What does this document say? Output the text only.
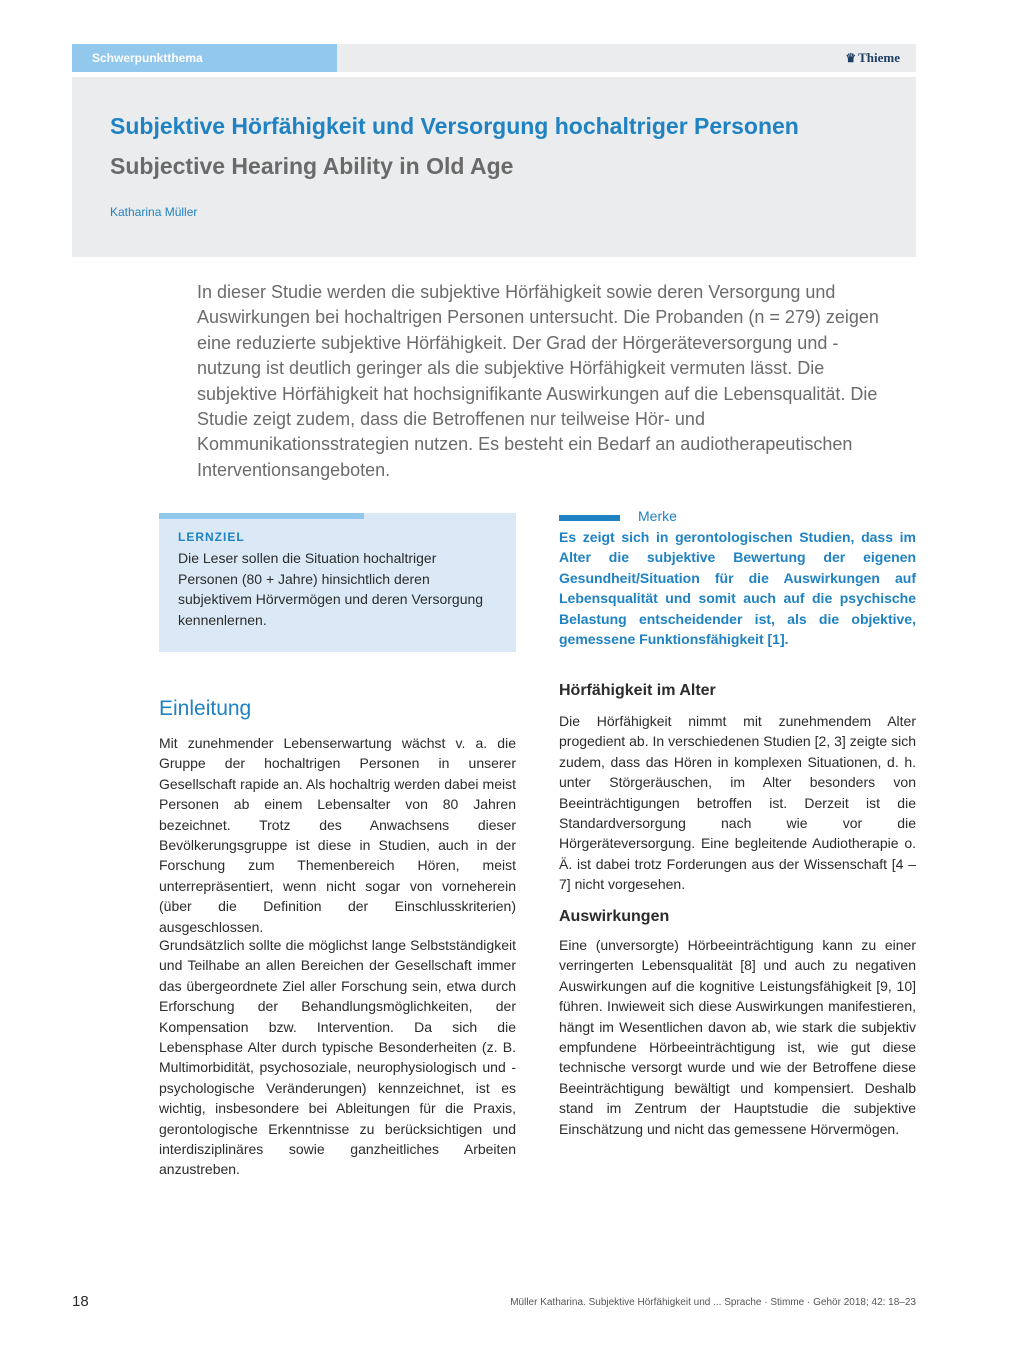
Schwerpunktthema	♛ Thieme
Subjektive Hörfähigkeit und Versorgung hochaltriger Personen
Subjective Hearing Ability in Old Age
Katharina Müller
In dieser Studie werden die subjektive Hörfähigkeit sowie deren Versorgung und Auswirkungen bei hochaltrigen Personen untersucht. Die Probanden (n = 279) zeigen eine reduzierte subjektive Hörfähigkeit. Der Grad der Hörgeräteversorgung und -nutzung ist deutlich geringer als die subjektive Hörfähigkeit vermuten lässt. Die subjektive Hörfähigkeit hat hochsignifikante Auswirkungen auf die Lebensqualität. Die Studie zeigt zudem, dass die Betroffenen nur teilweise Hör- und Kommunikationsstrategien nutzen. Es besteht ein Bedarf an audiotherapeutischen Interventionsangeboten.
LERNZIEL
Die Leser sollen die Situation hochaltriger Personen (80 + Jahre) hinsichtlich deren subjektivem Hörvermögen und deren Versorgung kennenlernen.
Merke
Es zeigt sich in gerontologischen Studien, dass im Alter die subjektive Bewertung der eigenen Gesundheit/Situation für die Auswirkungen auf Lebensqualität und somit auch auf die psychische Belastung entscheidender ist, als die objektive, gemessene Funktionsfähigkeit [1].
Einleitung

Mit zunehmender Lebenserwartung wächst v. a. die Gruppe der hochaltrigen Personen in unserer Gesellschaft rapide an. Als hochaltrig werden dabei meist Personen ab einem Lebensalter von 80 Jahren bezeichnet. Trotz des Anwachsens dieser Bevölkerungsgruppe ist diese in Studien, auch in der Forschung zum Themenbereich Hören, meist unterrepräsentiert, wenn nicht sogar von vorneherein (über die Definition der Einschlusskriterien) ausgeschlossen.

Grundsätzlich sollte die möglichst lange Selbstständigkeit und Teilhabe an allen Bereichen der Gesellschaft immer das übergeordnete Ziel aller Forschung sein, etwa durch Erforschung der Behandlungsmöglichkeiten, der Kompensation bzw. Intervention. Da sich die Lebensphase Alter durch typische Besonderheiten (z. B. Multimorbidität, psychosoziale, neurophysiologisch und -psychologische Veränderungen) kennzeichnet, ist es wichtig, insbesondere bei Ableitungen für die Praxis, gerontologische Erkenntnisse zu berücksichtigen und interdisziplinäres sowie ganzheitliches Arbeiten anzustreben.

Hörfähigkeit im Alter

Die Hörfähigkeit nimmt mit zunehmendem Alter progedient ab. In verschiedenen Studien [2, 3] zeigte sich zudem, dass das Hören in komplexen Situationen, d. h. unter Störgeräuschen, im Alter besonders von Beeinträchtigungen betroffen ist. Derzeit ist die Standardversorgung nach wie vor die Hörgeräteversorgung. Eine begleitende Audiotherapie o. Ä. ist dabei trotz Forderungen aus der Wissenschaft [4 – 7] nicht vorgesehen.

Auswirkungen

Eine (unversorgte) Hörbeeinträchtigung kann zu einer verringerten Lebensqualität [8] und auch zu negativen Auswirkungen auf die kognitive Leistungsfähigkeit [9, 10] führen. Inwieweit sich diese Auswirkungen manifestieren, hängt im Wesentlichen davon ab, wie stark die subjektiv empfundene Hörbeeinträchtigung ist, wie gut diese technische versorgt wurde und wie der Betroffene diese Beeinträchtigung bewältigt und kompensiert. Deshalb stand im Zentrum der Hauptstudie die subjektive Einschätzung und nicht das gemessene Hörvermögen.

18	Müller Katharina. Subjektive Hörfähigkeit und ... Sprache · Stimme · Gehör 2018; 42: 18–23
